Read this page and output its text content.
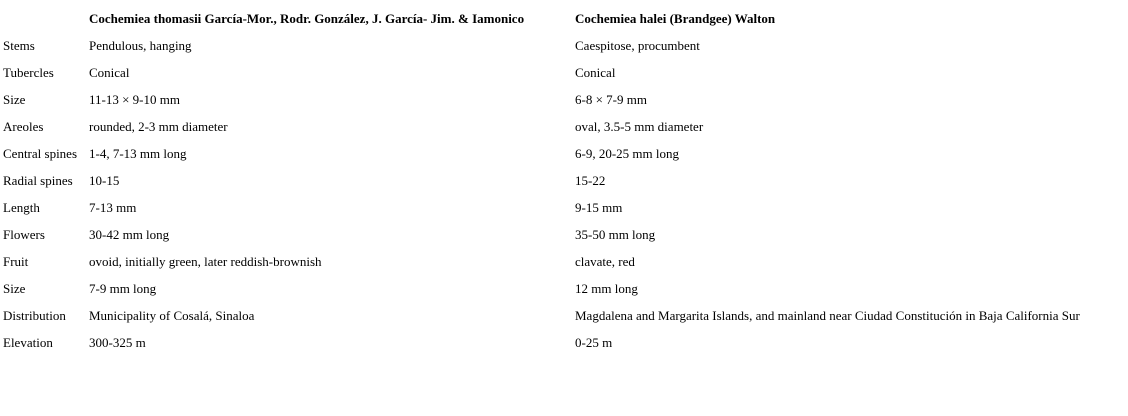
	Cochemiea thomasii García-Mor., Rodr. González, J. García- Jim. & Iamonico	Cochemiea halei (Brandgee) Walton
Stems	Pendulous, hanging	Caespitose, procumbent
Tubercles	Conical	Conical
Size	11-13 × 9-10 mm	6-8 × 7-9 mm
Areoles	rounded, 2-3 mm diameter	oval, 3.5-5 mm diameter
Central spines	1-4, 7-13 mm long	6-9, 20-25 mm long
Radial spines	10-15	15-22
Length	7-13 mm	9-15 mm
Flowers	30-42 mm long	35-50 mm long
Fruit	ovoid, initially green, later reddish-brownish	clavate, red
Size	7-9 mm long	12 mm long
Distribution	Municipality of Cosalá, Sinaloa	Magdalena and Margarita Islands, and mainland near Ciudad Constitución in Baja California Sur
Elevation	300-325 m	0-25 m
